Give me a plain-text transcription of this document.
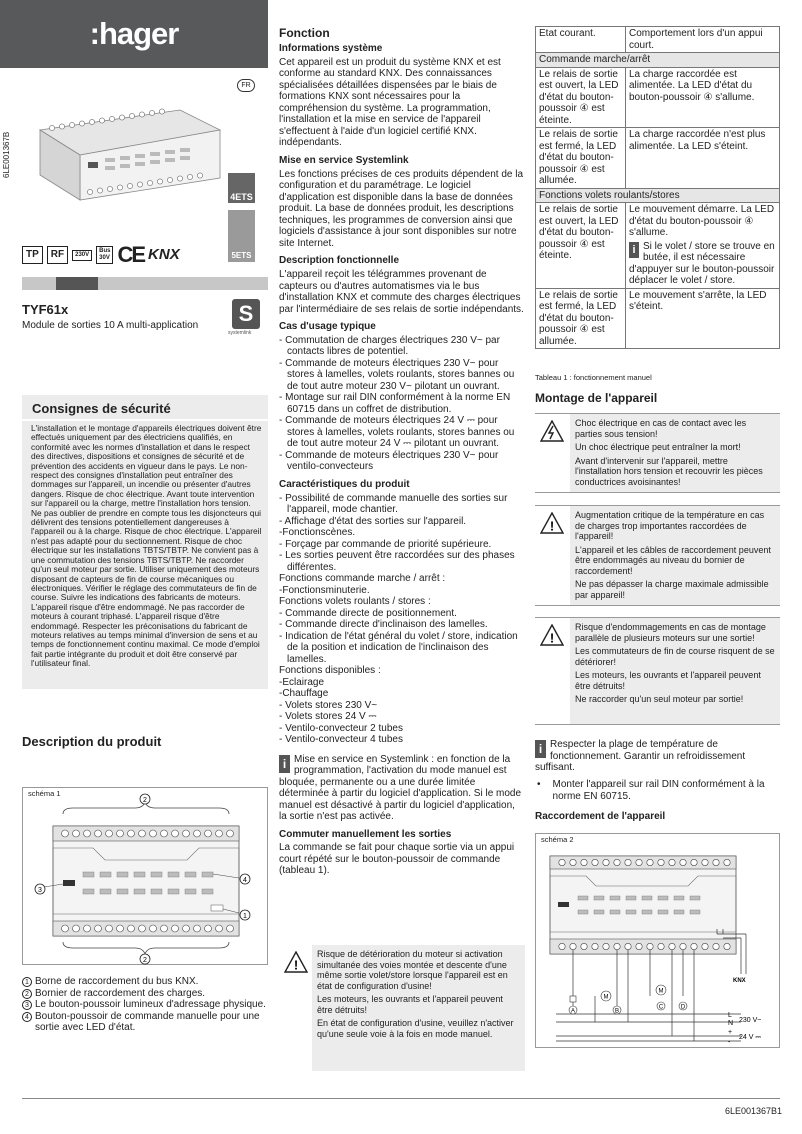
:hager
FR
6LE001367B
4ETS
5ETS
TP	RF	230V
Bus
30V CE KNX
TYF61x
Module de sorties 10 A multi-application	S
systemlink
Consignes de sécurité

L'installation et le montage d'appareils électriques doivent être effectués uniquement par des électriciens qualifiés, en conformité avec les normes d'installation et dans le respect des directives, dispositions et consignes de sécurité et de prévention des accidents en vigueur dans le pays. Le non-respect des consignes d'installation peut entraîner des dommages sur l'appareil, un incendie ou présenter d'autres dangers. Risque de choc électrique. Avant toute intervention sur l'appareil ou la charge, mettre l'installation hors tension. Ne pas oublier de prendre en compte tous les disjoncteurs qui délivrent des tensions potentiellement dangereuses à l'appareil ou à la charge. Risque de choc électrique. L'appareil n'est pas adapté pour du sectionnement. Risque de choc électrique sur les installations TBTS/TBTP. Ne convient pas à une commutation des tensions TBTS/TBTP. Ne raccorder qu'un seul moteur par sortie. Utiliser uniquement des moteurs disposant de capteurs de fin de course mécaniques ou électroniques. Vérifier le réglage des commutateurs de fin de course. Suivre les indications des fabricants de moteurs. L'appareil risque d'être endommagé. Ne pas raccorder de moteurs à courant triphasé. L'appareil risque d'être endommagé. Respecter les préconisations du fabricant de moteurs relatives au temps minimal d'inversion de sens et au temps de fonctionnement continu maximal. Ce mode d'emploi fait partie intégrante du produit et doit être conservé par l'utilisateur final.

Description du produit
schéma 1
2
3
4
1
2
1 Borne de raccordement du bus KNX.
2 Bornier de raccordement des charges.
3 Le bouton-poussoir lumineux d'adressage physique.
4 Bouton-poussoir de commande manuelle pour une sortie avec LED d'état.
Fonction
Informations système

Cet appareil est un produit du système KNX et est conforme au standard KNX. Des connaissances spécialisées détaillées dispensées par le biais de formations KNX sont nécessaires pour la compréhension du système. La programmation, l'installation et la mise en service de l'appareil s'effectuent à l'aide d'un logiciel certifié KNX. indépendants.

Mise en service Systemlink

Les fonctions précises de ces produits dépendent de la configuration et du paramétrage. Le logiciel d'application est disponible dans la base de données produit. La base de données produit, les descriptions techniques, les programmes de conversion ainsi que logiciels d'assistance à jour sont disponibles sur notre site Internet.

Description fonctionnelle

L'appareil reçoit les télégrammes provenant de capteurs ou d'autres automatismes via le bus d'installation KNX et commute des charges électriques par l'intermédiaire de ses relais de sortie indépendants.

Cas d'usage typique

- Commutation de charges électriques 230 V~ par contacts libres de potentiel.

- Commande de moteurs électriques 230 V~ pour stores à lamelles, volets roulants, stores bannes ou de tout autre moteur 230 V~ pilotant un ouvrant.

- Montage sur rail DIN conformément à la norme EN 60715 dans un coffret de distribution.

- Commande de moteurs électriques 24 V ⎓ pour stores à lamelles, volets roulants, stores bannes ou de tout autre moteur 24 V ⎓ pilotant un ouvrant.

- Commande de moteurs électriques 230 V~ pour ventilo-convecteurs

Caractéristiques du produit

- Possibilité de commande manuelle des sorties sur l'appareil, mode chantier.

- Affichage d'état des sorties sur l'appareil.

-Fonctionscènes.

- Forçage par commande de priorité supérieure.

- Les sorties peuvent être raccordées sur des phases différentes.

Fonctions commande marche / arrêt :

-Fonctionsminuterie.

Fonctions volets roulants / stores :

- Commande directe de positionnement.

- Commande directe d'inclinaison des lamelles.

- Indication de l'état général du volet / store, indication de la position et indication de l'inclinaison des lamelles.

Fonctions disponibles :

-Eclairage

-Chauffage

- Volets stores 230 V~

- Volets stores 24 V ⎓

- Ventilo-convecteur 2 tubes

- Ventilo-convecteur 4 tubes

i Mise en service en Systemlink : en fonction de la programmation, l'activation du mode manuel est bloquée, permanente ou a une durée limitée déterminée à partir du logiciel d'application. Si le mode manuel est désactivé à partir du logiciel d'application, la sortie n'est pas activée.

Commuter manuellement les sorties

La commande se fait pour chaque sortie via un appui court répété sur le bouton-poussoir de commande (tableau 1).

!

Risque de détérioration du moteur si activation simultanée des voies montée et descente d'une même sortie volet/store lorsque l'appareil est en état de configuration d'usine!

Les moteurs, les ouvrants et l'appareil peuvent être détruits!

En état de configuration d'usine, veuillez n'activer qu'une seule voie à la fois en mode manuel.

Etat courant.	Comportement lors d'un appui court.
Commande marche/arrêt	
Le relais de sortie est ouvert, la LED d'état du bouton-poussoir ④ est éteinte.	La charge raccordée est alimentée. La LED d'état du bouton-poussoir ④ s'allume.
Le relais de sortie est fermé, la LED d'état du bouton-poussoir ④ est allumée.	La charge raccordée n'est plus alimentée. La LED s'éteint.
Fonctions volets roulants/stores	
Le relais de sortie est ouvert, la LED d'état du bouton-poussoir ④ est éteinte.	Le mouvement démarre. La LED d'état du bouton-poussoir ④ s'allume.

i Si le volet / store se trouve en butée, il est nécessaire d'appuyer sur le bouton-poussoir déplacer le volet / store.

Le relais de sortie est fermé, la LED d'état du bouton-poussoir ④ est allumée.	Le mouvement s'arrête, la LED s'éteint.
Tableau 1 : fonctionnement manuel
Montage de l'appareil

Choc électrique en cas de contact avec les parties sous tension!

Un choc électrique peut entraîner la mort!

Avant d'intervenir sur l'appareil, mettre l'installation hors tension et recouvrir les pièces conductrices avoisinantes!

!

Augmentation critique de la température en cas de charges trop importantes raccordées de l'appareil!

L'appareil et les câbles de raccordement peuvent être endommagés au niveau du bornier de raccordement!

Ne pas dépasser la charge maximale admissible par appareil!

!

Risque d'endommagements en cas de montage parallèle de plusieurs moteurs sur une sortie!

Les commutateurs de fin de course risquent de se détériorer!

Les moteurs, les ouvrants et l'appareil peuvent être détruits!

Ne raccorder qu'un seul moteur par sortie!

i Respecter la plage de température de fonctionnement. Garantir un refroidissement suffisant.

•	Monter l'appareil sur rail DIN conformément à la norme EN 60715.

Raccordement de l'appareil
schéma 2
M
M
A	B
C	D
KNX
L
N 230 V~
+
-
24 V ⎓
6LE001367B1
